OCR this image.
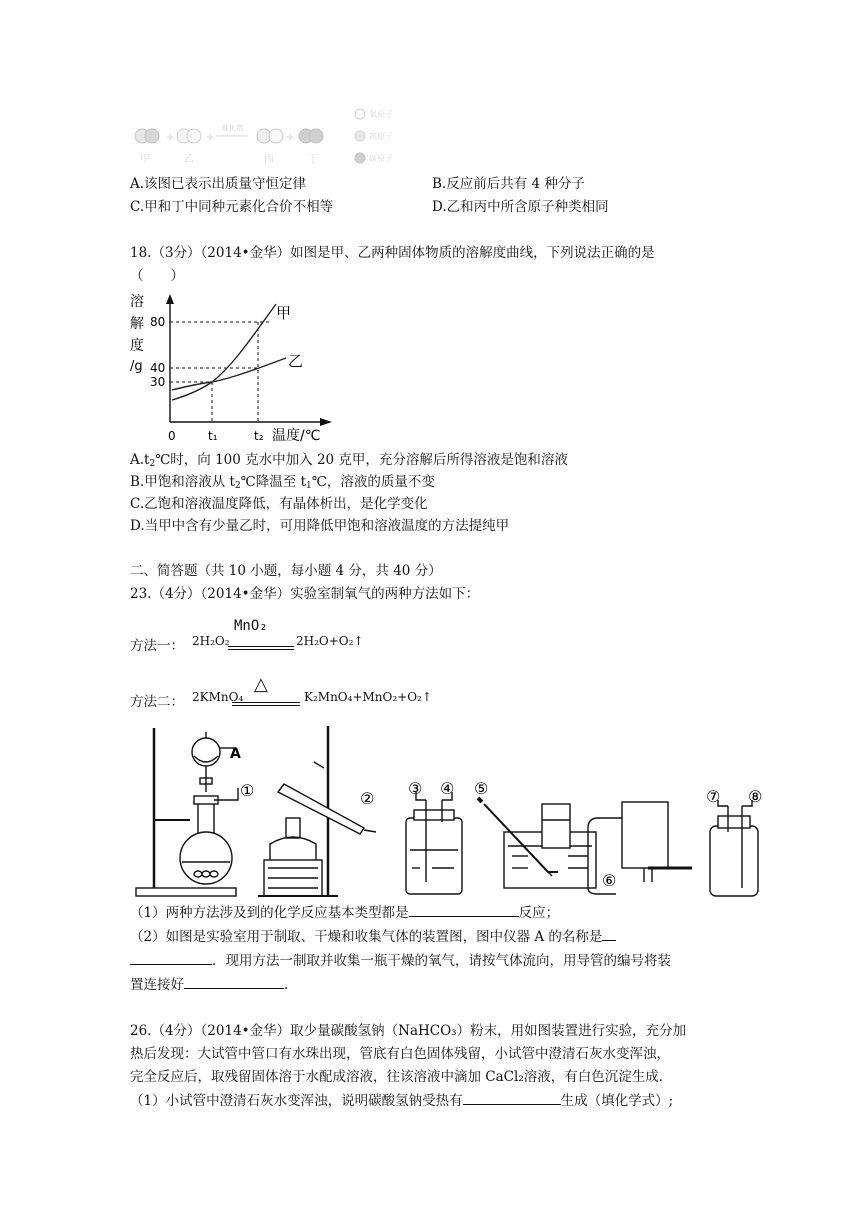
+	+
催化剂
+
甲	乙	丙	丁
氧原子
氮原子
碳原子
A.该图已表示出质量守恒定律	B.反应前后共有 4 种分子
C.甲和丁中同种元素化合价不相等	D.乙和丙中所含原子种类相同
18.（3分）（2014•金华）如图是甲、乙两种固体物质的溶解度曲线，下列说法正确的是
（　　）
溶
解
度
/g
80
40
30
甲
乙
0	t₁	t₂ 温度/℃
$A.t_2℃$时，向 100 克水中加入 20 克甲，充分溶解后所得溶液是饱和溶液
B.甲饱和溶液从 $t_2℃$降温至 $t_1℃$，溶液的质量不变
C.乙饱和溶液温度降低，有晶体析出，是化学变化
D.当甲中含有少量乙时，可用降低甲饱和溶液温度的方法提纯甲
二、简答题（共 10 小题，每小题 4 分，共 40 分）
23.（4分）（2014•金华）实验室制氧气的两种方法如下：
方法一： 2H₂O₂
MnO₂
2H₂O+O₂↑
方法二： 2KMnO₄
△
K₂MnO₄+MnO₂+O₂↑
A
①	②
③ ④ ⑤
⑥
⑦ ⑧
（1）两种方法涉及到的化学反应基本类型都是	反应；
（2）如图是实验室用于制取、干燥和收集气体的装置图，图中仪器 A 的名称是
．现用方法一制取并收集一瓶干燥的氧气，请按气体流向，用导管的编号将装
置连接好	.
26.（4分）（2014•金华）取少量碳酸氢钠（NaHCO₃）粉末，用如图装置进行实验，充分加
热后发现：大试管中管口有水珠出现，管底有白色固体残留，小试管中澄清石灰水变浑浊，
完全反应后，取残留固体溶于水配成溶液，往该溶液中滴加 CaCl₂溶液，有白色沉淀生成．
（1）小试管中澄清石灰水变浑浊，说明碳酸氢钠受热有	生成（填化学式）;
